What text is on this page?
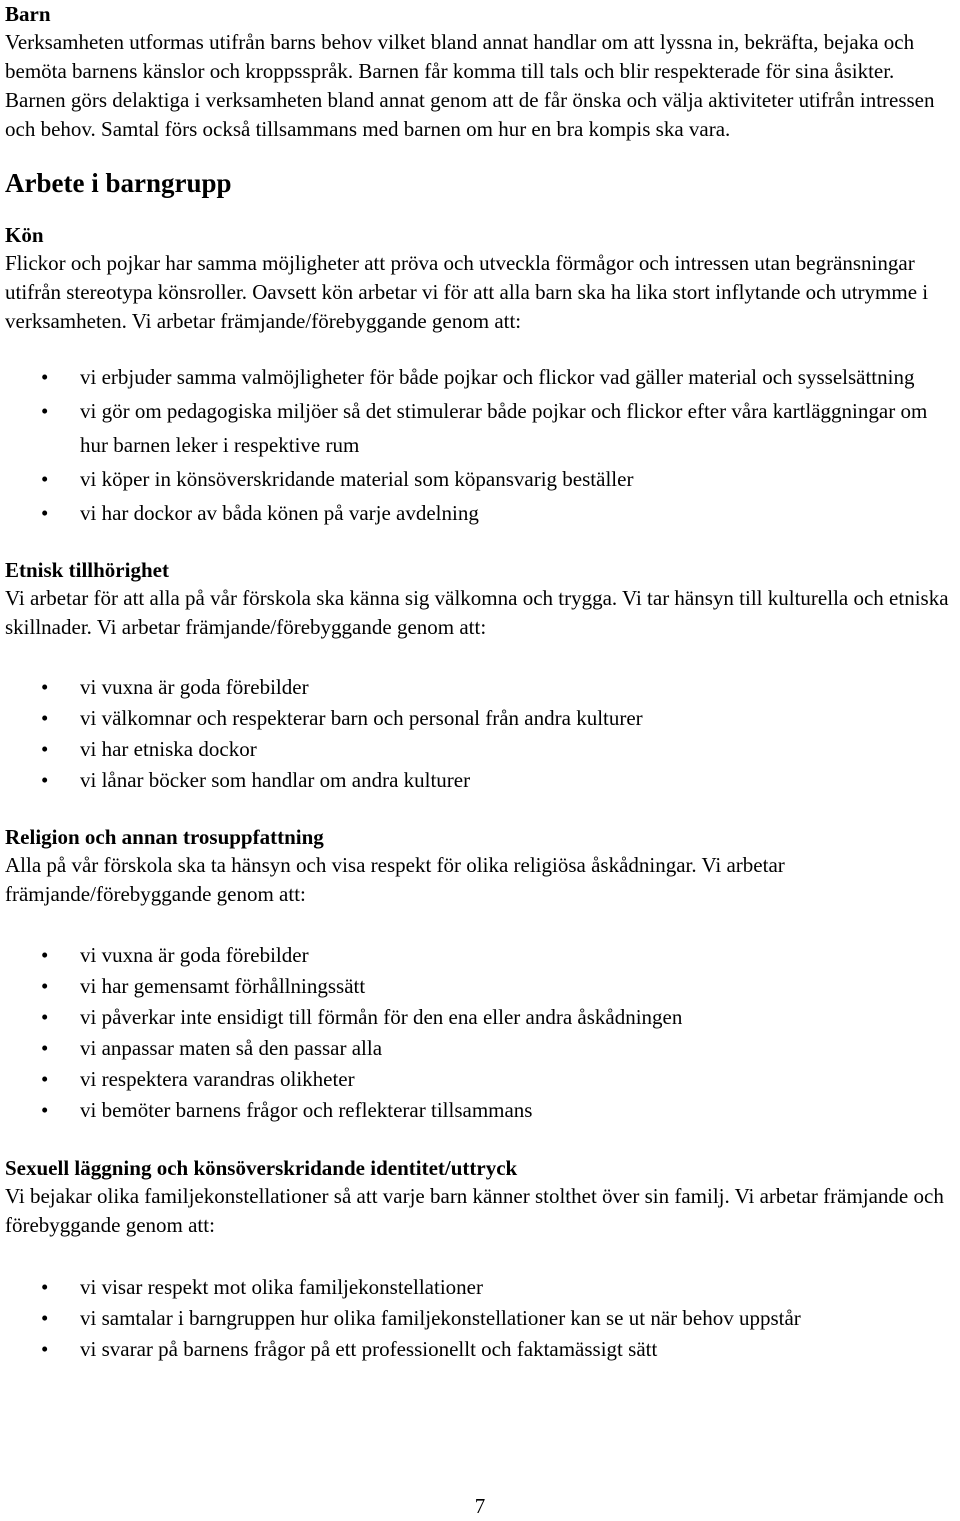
Barn

Verksamheten utformas utifrån barns behov vilket bland annat handlar om att lyssna in, bekräfta, bejaka och bemöta barnens känslor och kroppsspråk. Barnen får komma till tals och blir respekterade för sina åsikter. Barnen görs delaktiga i verksamheten bland annat genom att de får önska och välja aktiviteter utifrån intressen och behov. Samtal förs också tillsammans med barnen om hur en bra kompis ska vara.

Arbete i barngrupp

Kön

Flickor och pojkar har samma möjligheter att pröva och utveckla förmågor och intressen utan begränsningar utifrån stereotypa könsroller. Oavsett kön arbetar vi för att alla barn ska ha lika stort inflytande och utrymme i verksamheten. Vi arbetar främjande/förebyggande genom att:

• vi erbjuder samma valmöjligheter för både pojkar och flickor vad gäller material och sysselsättning
• vi gör om pedagogiska miljöer så det stimulerar både pojkar och flickor efter våra kartläggningar om hur barnen leker i respektive rum
• vi köper in könsöverskridande material som köpansvarig beställer
• vi har dockor av båda könen på varje avdelning

Etnisk tillhörighet

Vi arbetar för att alla på vår förskola ska känna sig välkomna och trygga. Vi tar hänsyn till kulturella och etniska skillnader. Vi arbetar främjande/förebyggande genom att:

• vi vuxna är goda förebilder
• vi välkomnar och respekterar barn och personal från andra kulturer
• vi har etniska dockor
• vi lånar böcker som handlar om andra kulturer

Religion och annan trosuppfattning

Alla på vår förskola ska ta hänsyn och visa respekt för olika religiösa åskådningar. Vi arbetar främjande/förebyggande genom att:

• vi vuxna är goda förebilder
• vi har gemensamt förhållningssätt
• vi påverkar inte ensidigt till förmån för den ena eller andra åskådningen
• vi anpassar maten så den passar alla
• vi respektera varandras olikheter
• vi bemöter barnens frågor och reflekterar tillsammans

Sexuell läggning och könsöverskridande identitet/uttryck

Vi bejakar olika familjekonstellationer så att varje barn känner stolthet över sin familj. Vi arbetar främjande och förebyggande genom att:

• vi visar respekt mot olika familjekonstellationer
• vi samtalar i barngruppen hur olika familjekonstellationer kan se ut när behov uppstår
• vi svarar på barnens frågor på ett professionellt och faktamässigt sätt
7
